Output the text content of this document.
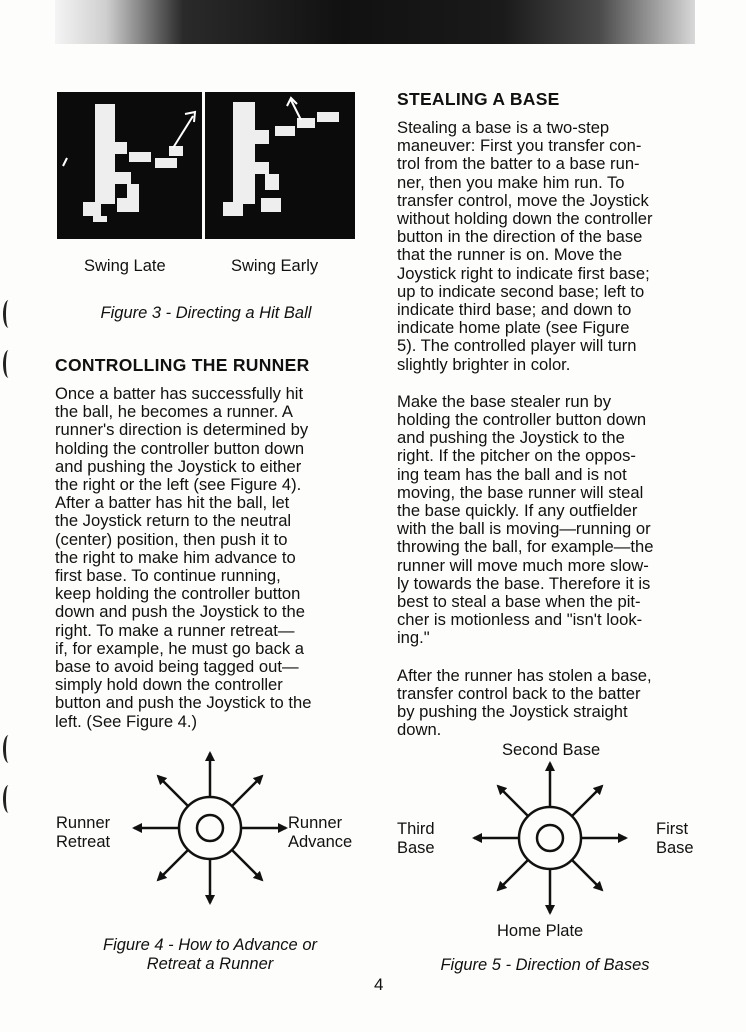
Swing Late	Swing Early
Figure 3 - Directing a Hit Ball
CONTROLLING THE RUNNER
Once a batter has successfully hit
the ball, he becomes a runner. A
runner's direction is determined by
holding the controller button down
and pushing the Joystick to either
the right or the left (see Figure 4).
After a batter has hit the ball, let
the Joystick return to the neutral
(center) position, then push it to
the right to make him advance to
first base. To continue running,
keep holding the controller button
down and push the Joystick to the
right. To make a runner retreat—
if, for example, he must go back a
base to avoid being tagged out—
simply hold down the controller
button and push the Joystick to the
left. (See Figure 4.)
Runner
Retreat
Runner
Advance
Figure 4 - How to Advance or
Retreat a Runner
STEALING A BASE
Stealing a base is a two-step
maneuver: First you transfer con-
trol from the batter to a base run-
ner, then you make him run. To
transfer control, move the Joystick
without holding down the controller
button in the direction of the base
that the runner is on. Move the
Joystick right to indicate first base;
up to indicate second base; left to
indicate third base; and down to
indicate home plate (see Figure
5). The controlled player will turn
slightly brighter in color.
Make the base stealer run by
holding the controller button down
and pushing the Joystick to the
right. If the pitcher on the oppos-
ing team has the ball and is not
moving, the base runner will steal
the base quickly. If any outfielder
with the ball is moving—running or
throwing the ball, for example—the
runner will move much more slow-
ly towards the base. Therefore it is
best to steal a base when the pit-
cher is motionless and "isn't look-
ing."
After the runner has stolen a base,
transfer control back to the batter
by pushing the Joystick straight
down.
Second Base
Third
Base
First
Base
Home Plate
Figure 5 - Direction of Bases
4
